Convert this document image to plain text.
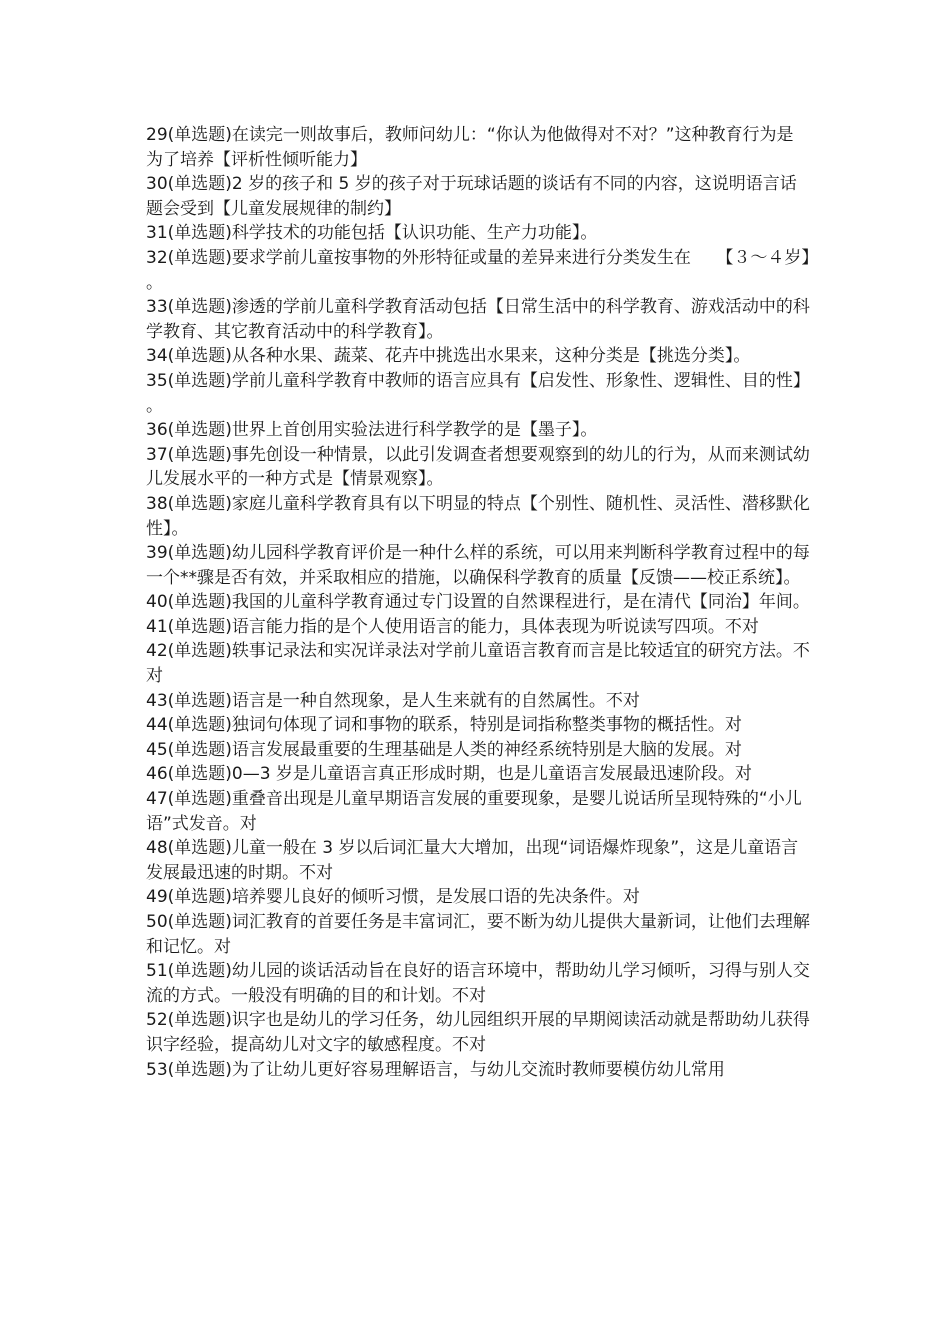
29(单选题)在读完一则故事后，教师问幼儿：“你认为他做得对不对？”这种教育行为是为了培养【评析性倾听能力】

30(单选题)2 岁的孩子和 5 岁的孩子对于玩球话题的谈话有不同的内容，这说明语言话题会受到【儿童发展规律的制约】

31(单选题)科学技术的功能包括【认识功能、生产力功能】。

32(单选题)要求学前儿童按事物的外形特征或量的差异来进行分类发生在　　【３～４岁】。

33(单选题)渗透的学前儿童科学教育活动包括【日常生活中的科学教育、游戏活动中的科学教育、其它教育活动中的科学教育】。

34(单选题)从各种水果、蔬菜、花卉中挑选出水果来，这种分类是【挑选分类】。

35(单选题)学前儿童科学教育中教师的语言应具有【启发性、形象性、逻辑性、目的性】。

36(单选题)世界上首创用实验法进行科学教学的是【墨子】。

37(单选题)事先创设一种情景，以此引发调查者想要观察到的幼儿的行为，从而来测试幼儿发展水平的一种方式是【情景观察】。

38(单选题)家庭儿童科学教育具有以下明显的特点【个别性、随机性、灵活性、潜移默化性】。

39(单选题)幼儿园科学教育评价是一种什么样的系统，可以用来判断科学教育过程中的每一个**骤是否有效，并采取相应的措施，以确保科学教育的质量【反馈——校正系统】。

40(单选题)我国的儿童科学教育通过专门设置的自然课程进行，是在清代【同治】年间。

41(单选题)语言能力指的是个人使用语言的能力，具体表现为听说读写四项。不对

42(单选题)轶事记录法和实况详录法对学前儿童语言教育而言是比较适宜的研究方法。不对

43(单选题)语言是一种自然现象，是人生来就有的自然属性。不对

44(单选题)独词句体现了词和事物的联系，特别是词指称整类事物的概括性。对

45(单选题)语言发展最重要的生理基础是人类的神经系统特别是大脑的发展。对

46(单选题)0—3 岁是儿童语言真正形成时期，也是儿童语言发展最迅速阶段。对

47(单选题)重叠音出现是儿童早期语言发展的重要现象，是婴儿说话所呈现特殊的“小儿语”式发音。对

48(单选题)儿童一般在 3 岁以后词汇量大大增加，出现“词语爆炸现象”，这是儿童语言发展最迅速的时期。不对

49(单选题)培养婴儿良好的倾听习惯，是发展口语的先决条件。对

50(单选题)词汇教育的首要任务是丰富词汇，要不断为幼儿提供大量新词，让他们去理解和记忆。对

51(单选题)幼儿园的谈话活动旨在良好的语言环境中，帮助幼儿学习倾听，习得与别人交流的方式。一般没有明确的目的和计划。不对

52(单选题)识字也是幼儿的学习任务，幼儿园组织开展的早期阅读活动就是帮助幼儿获得识字经验，提高幼儿对文字的敏感程度。不对

53(单选题)为了让幼儿更好容易理解语言，与幼儿交流时教师要模仿幼儿常用
